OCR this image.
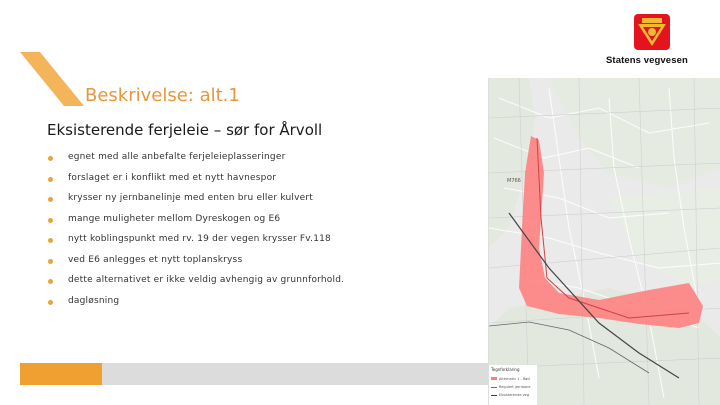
Beskrivelse: alt.1
Eksisterende ferjeleie – sør for Årvoll
egnet med alle anbefalte ferjeleieplasseringer
forslaget er i konflikt med et nytt havnespor
krysser ny jernbanelinje med enten bru eller kulvert
mange muligheter mellom Dyreskogen og E6
nytt koblingspunkt med rv. 19 der vegen krysser Fv.118
ved E6 anlegges et nytt toplanskryss
dette alternativet er ikke veldig avhengig av grunnforhold.
dagløsning
Statens vegvesen
M766
Tegnforklaring
Alternativ 1 - Rød
Regulert jernbane
Eksisterende veg
